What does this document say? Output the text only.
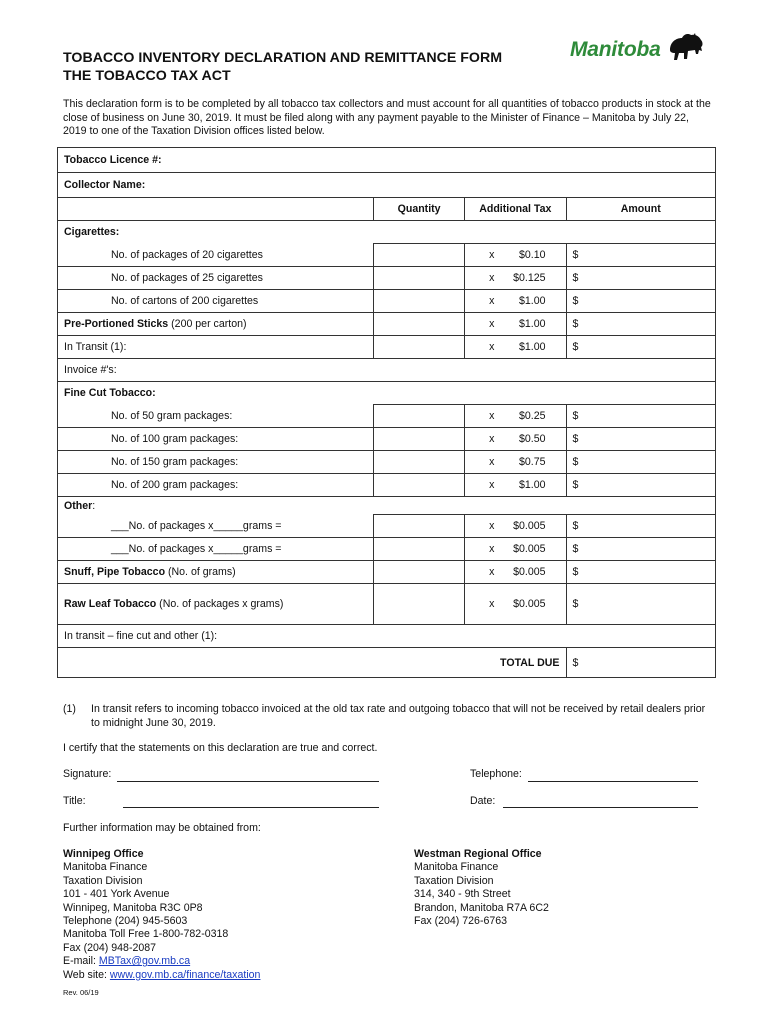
TOBACCO INVENTORY DECLARATION AND REMITTANCE FORM
THE TOBACCO TAX ACT
Manitoba
This declaration form is to be completed by all tobacco tax collectors and must account for all quantities of tobacco products in stock at the close of business on June 30, 2019. It must be filed along with any payment payable to the Minister of Finance – Manitoba by July 22, 2019 to one of the Taxation Division offices listed below.
Tobacco Licence #:			
Collector Name:			
	Quantity	Additional Tax	Amount
Cigarettes:			
No. of packages of 20 cigarettes		x $0.10	$
No. of packages of 25 cigarettes		x $0.125	$
No. of cartons of 200 cigarettes		x $1.00	$
Pre-Portioned Sticks (200 per carton)		x $1.00	$
In Transit (1):		x $1.00	$
Invoice #'s:			
Fine Cut Tobacco:			
No. of 50 gram packages:		x $0.25	$
No. of 100 gram packages:		x $0.50	$
No. of 150 gram packages:		x $0.75	$
No. of 200 gram packages:		x $1.00	$
Other:			
___No. of packages x_____grams =		x $0.005	$
___No. of packages x_____grams =		x $0.005	$
Snuff, Pipe Tobacco (No. of grams)		x $0.005	$
Raw Leaf Tobacco (No. of packages x grams)		x $0.005	$
In transit – fine cut and other (1):			
TOTAL DUE			$
(1) In transit refers to incoming tobacco invoiced at the old tax rate and outgoing tobacco that will not be received by retail dealers prior to midnight June 30, 2019.
I certify that the statements on this declaration are true and correct.
Signature:	Telephone:
Title:	Date:
Further information may be obtained from:
Winnipeg Office
Manitoba Finance
Taxation Division
101 - 401 York Avenue
Winnipeg, Manitoba R3C 0P8
Telephone (204) 945-5603
Manitoba Toll Free 1-800-782-0318
Fax (204) 948-2087
E-mail: MBTax@gov.mb.ca
Web site: www.gov.mb.ca/finance/taxation
Westman Regional Office
Manitoba Finance
Taxation Division
314, 340 - 9th Street
Brandon, Manitoba R7A 6C2
Fax (204) 726-6763
Rev. 06/19
